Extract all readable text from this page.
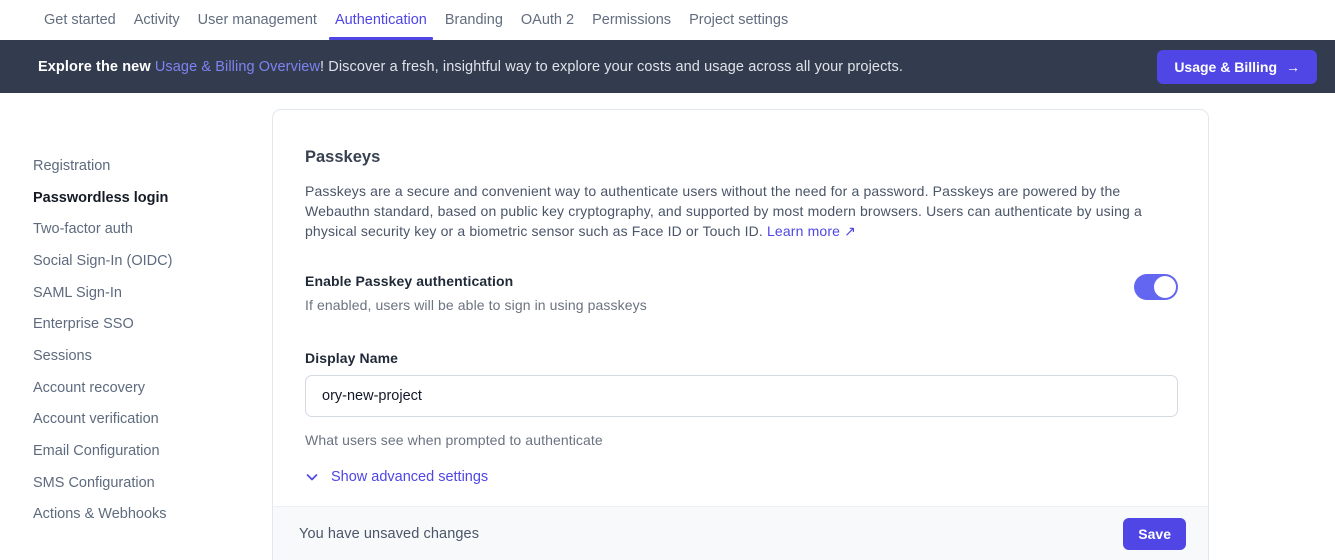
Get started	Activity	User management	Authentication	Branding	OAuth 2	Permissions	Project settings
Explore the new Usage & Billing Overview! Discover a fresh, insightful way to explore your costs and usage across all your projects.	Usage & Billing →
Registration
Passwordless login
Two-factor auth
Social Sign-In (OIDC)
SAML Sign-In
Enterprise SSO
Sessions
Account recovery
Account verification
Email Configuration
SMS Configuration
Actions & Webhooks
Passkeys

Passkeys are a secure and convenient way to authenticate users without the need for a password. Passkeys are powered by the Webauthn standard, based on public key cryptography, and supported by most modern browsers. Users can authenticate by using a physical security key or a biometric sensor such as Face ID or Touch ID. Learn more ↗

Enable Passkey authentication
If enabled, users will be able to sign in using passkeys
Display Name
ory-new-project
What users see when prompted to authenticate
Show advanced settings
You have unsaved changes	Save
